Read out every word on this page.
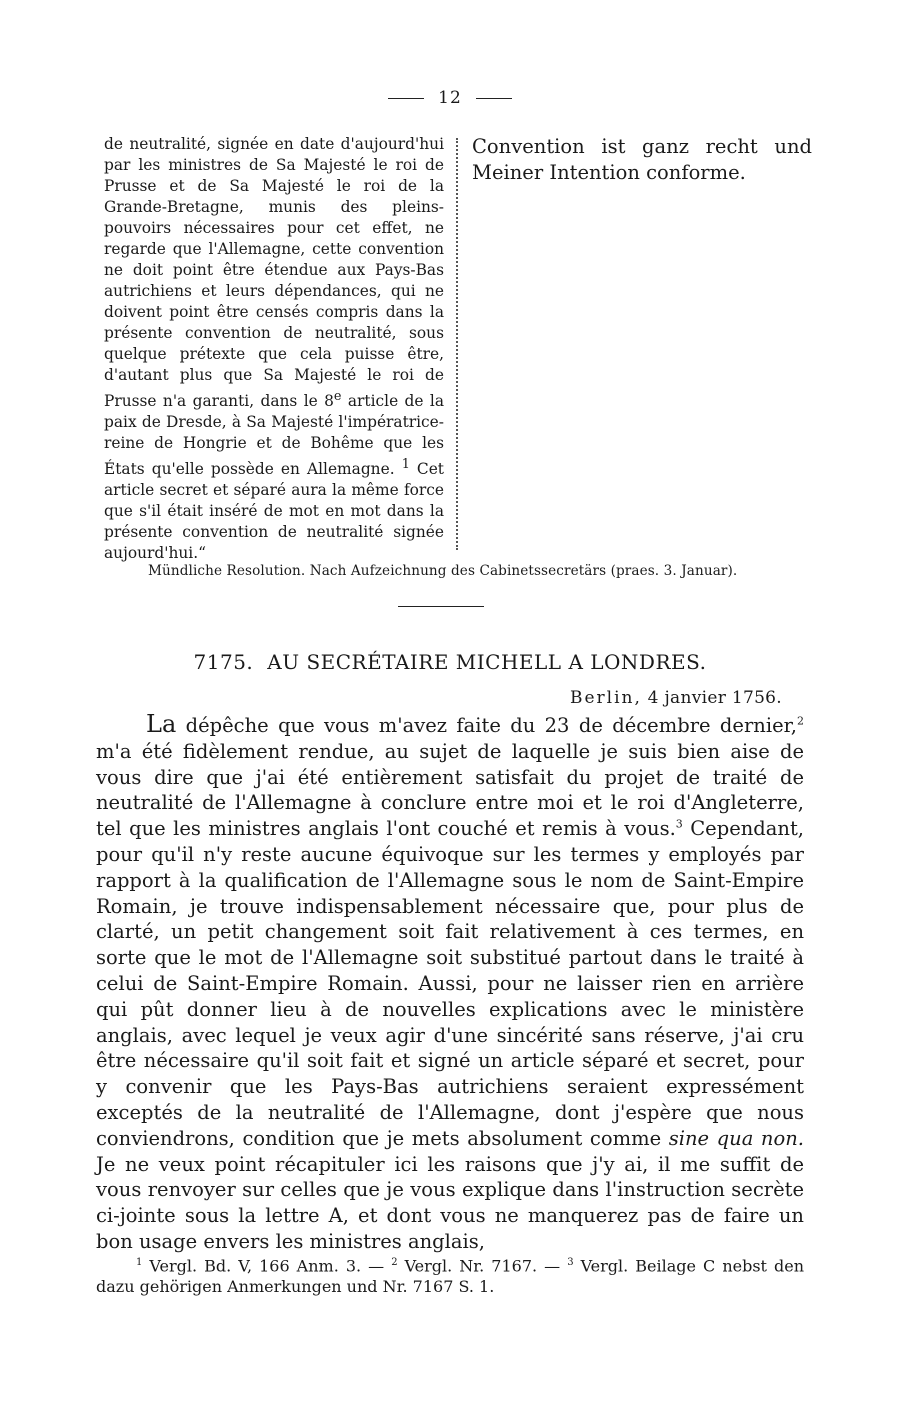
12
de neutralité, signée en date d'aujourd'hui par les ministres de Sa Majesté le roi de Prusse et de Sa Majesté le roi de la Grande-Bretagne, munis des pleins-pouvoirs nécessaires pour cet effet, ne regarde que l'Allemagne, cette convention ne doit point être étendue aux Pays-Bas autrichiens et leurs dépendances, qui ne doivent point être censés compris dans la présente convention de neutralité, sous quelque prétexte que cela puisse être, d'autant plus que Sa Majesté le roi de Prusse n'a garanti, dans le 8e article de la paix de Dresde, à Sa Majesté l'impératrice-reine de Hongrie et de Bohême que les États qu'elle possède en Allemagne. $^1$ Cet article secret et séparé aura la même force que s'il était inséré de mot en mot dans la présente convention de neutralité signée aujourd'hui.“
Convention ist ganz recht und Meiner Intention conforme.
Mündliche Resolution. Nach Aufzeichnung des Cabinetssecretärs (praes. 3. Januar).
7175. AU SECRÉTAIRE MICHELL A LONDRES.
Berlin, 4 janvier 1756.

La dépêche que vous m'avez faite du 23 de décembre dernier,$^2$ m'a été fidèlement rendue, au sujet de laquelle je suis bien aise de vous dire que j'ai été entièrement satisfait du projet de traité de neutralité de l'Allemagne à conclure entre moi et le roi d'Angleterre, tel que les ministres anglais l'ont couché et remis à vous.$^3$ Cependant, pour qu'il n'y reste aucune équivoque sur les termes y employés par rapport à la qualification de l'Allemagne sous le nom de Saint-Empire Romain, je trouve indispensablement nécessaire que, pour plus de clarté, un petit changement soit fait relativement à ces termes, en sorte que le mot de l'Allemagne soit substitué partout dans le traité à celui de Saint-Empire Romain. Aussi, pour ne laisser rien en arrière qui pût donner lieu à de nouvelles explications avec le ministère anglais, avec lequel je veux agir d'une sincérité sans réserve, j'ai cru être nécessaire qu'il soit fait et signé un article séparé et secret, pour y convenir que les Pays-Bas autrichiens seraient expressément exceptés de la neutralité de l'Allemagne, dont j'espère que nous conviendrons, condition que je mets absolument comme sine qua non. Je ne veux point récapituler ici les raisons que j'y ai, il me suffit de vous renvoyer sur celles que je vous explique dans l'instruction secrète ci-jointe sous la lettre A, et dont vous ne manquerez pas de faire un bon usage envers les ministres anglais,

$^1$ Vergl. Bd. V, 166 Anm. 3. — $^2$ Vergl. Nr. 7167. — $^3$ Vergl. Beilage C nebst den dazu gehörigen Anmerkungen und Nr. 7167 S. 1.
